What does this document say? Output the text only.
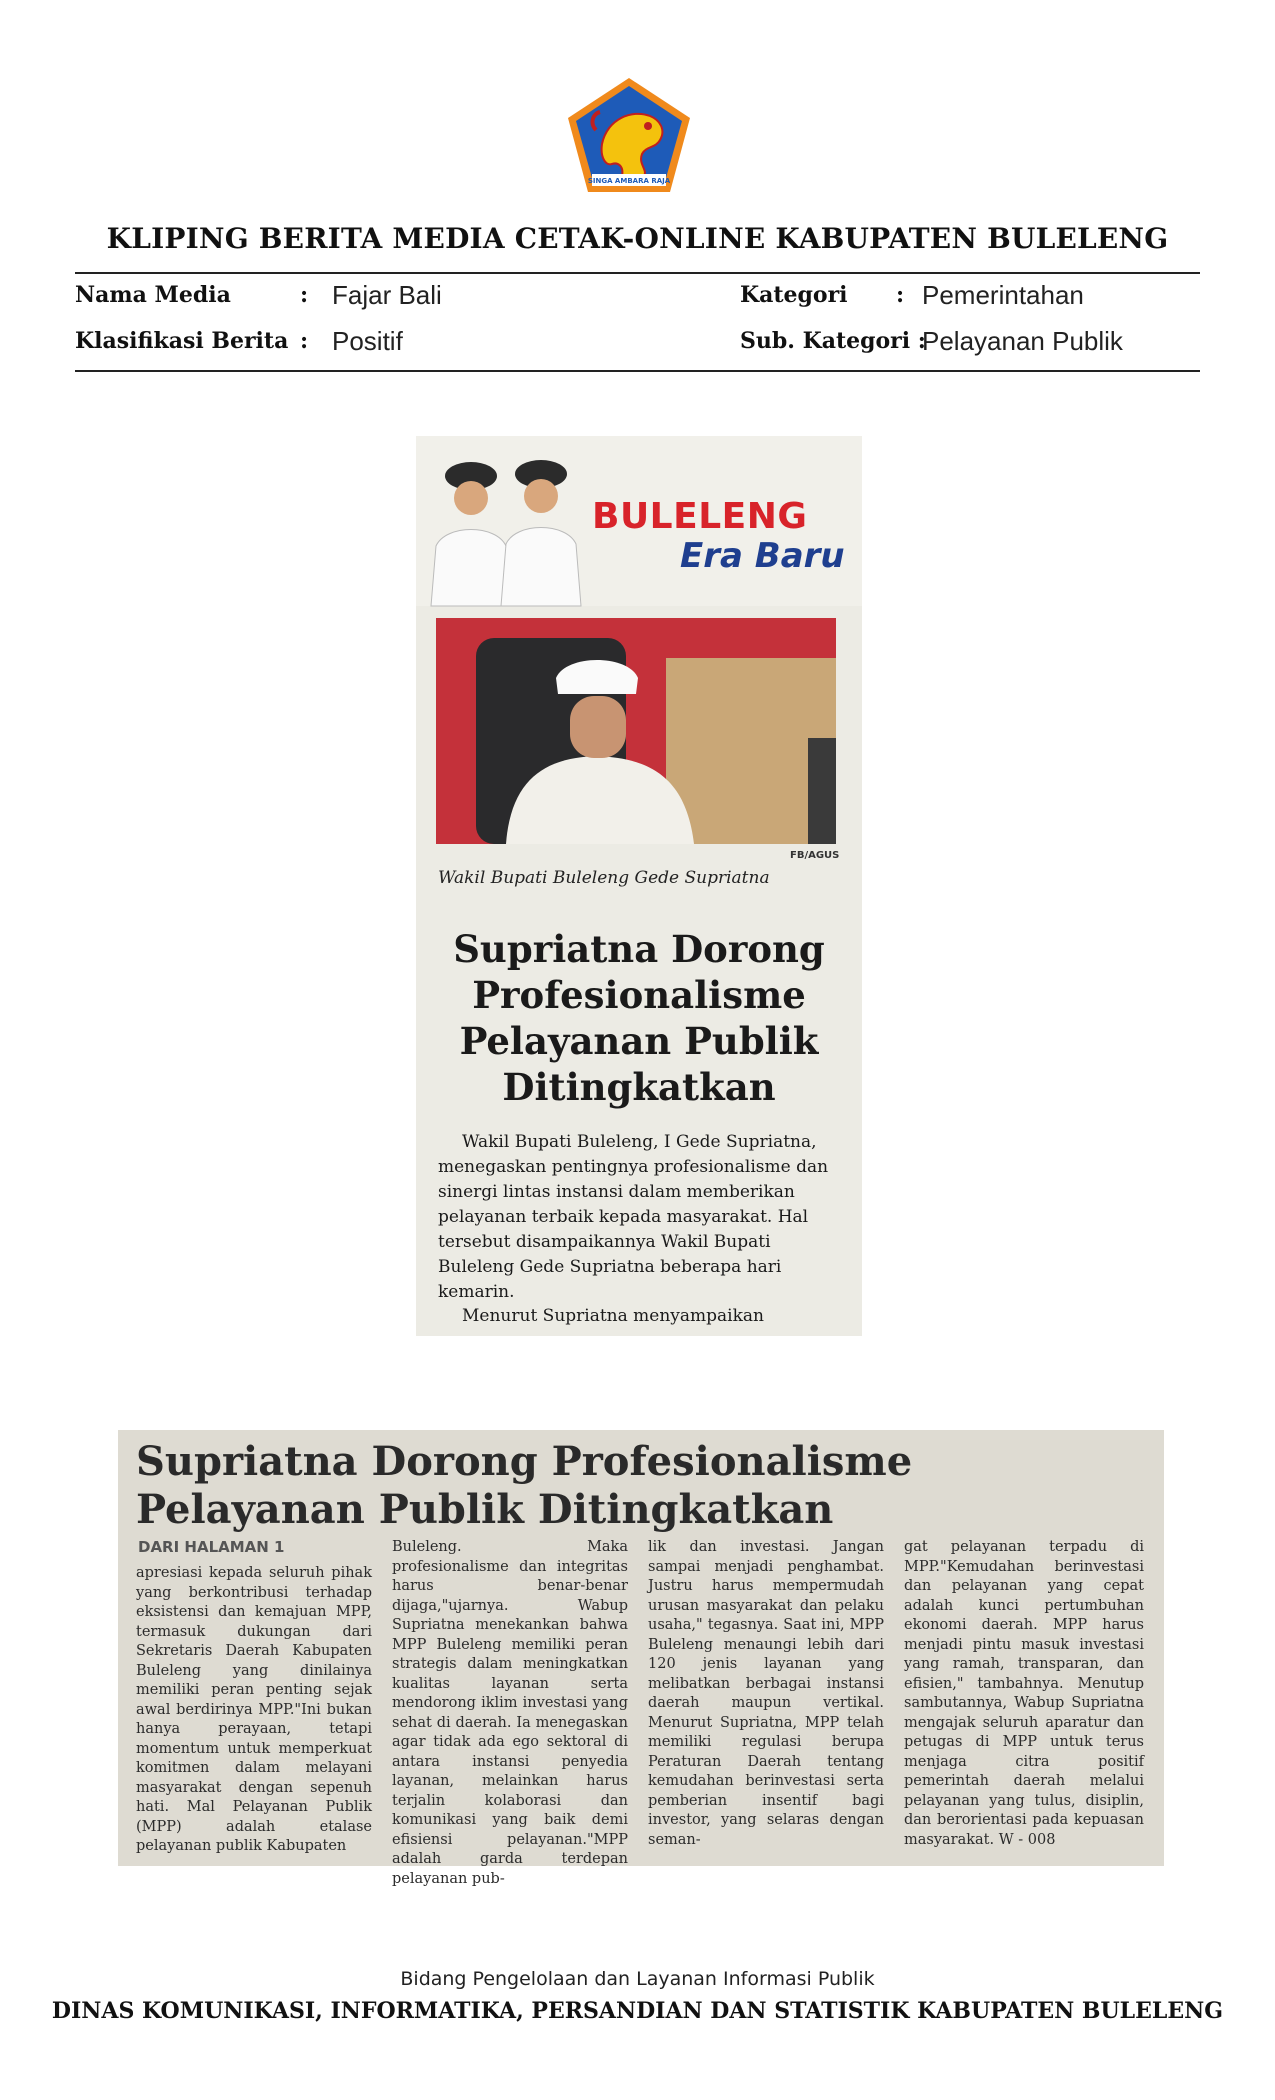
SINGA AMBARA RAJA
KLIPING BERITA MEDIA CETAK-ONLINE KABUPATEN BULELENG
Nama Media	: Fajar Bali	Kategori : Pemerintahan
Klasifikasi Berita : Positif	Sub. Kategori :
Pelayanan Publik
BULELENG
Era Baru
FB/AGUS
Wakil Bupati Buleleng Gede Supriatna
Supriatna Dorong
Profesionalisme
Pelayanan Publik
Ditingkatkan
Wakil Bupati Buleleng, I Gede Supriatna, menegaskan pentingnya profesionalisme dan sinergi lintas instansi dalam memberikan pelayanan terbaik kepada masyarakat. Hal tersebut disampaikannya Wakil Bupati Buleleng Gede Supriatna beberapa hari kemarin.
Menurut Supriatna menyampaikan
Supriatna Dorong Profesionalisme
Pelayanan Publik Ditingkatkan
DARI HALAMAN 1
apresiasi kepada seluruh pihak yang berkontribusi terhadap eksistensi dan kemajuan MPP, termasuk dukungan dari Sekretaris Daerah Kabupaten Buleleng yang dinilainya memiliki peran penting sejak awal berdirinya MPP."Ini bukan hanya perayaan, tetapi momentum untuk memperkuat komitmen dalam melayani masyarakat dengan sepenuh hati. Mal Pelayanan Publik (MPP) adalah etalase pelayanan publik Kabupaten
Buleleng. Maka profesionalisme dan integritas harus benar-benar dijaga,"ujarnya. Wabup Supriatna menekankan bahwa MPP Buleleng memiliki peran strategis dalam meningkatkan kualitas layanan serta mendorong iklim investasi yang sehat di daerah. Ia menegaskan agar tidak ada ego sektoral di antara instansi penyedia layanan, melainkan harus terjalin kolaborasi dan komunikasi yang baik demi efisiensi pelayanan."MPP adalah garda terdepan pelayanan pub-
lik dan investasi. Jangan sampai menjadi penghambat. Justru harus mempermudah urusan masyarakat dan pelaku usaha," tegasnya. Saat ini, MPP Buleleng menaungi lebih dari 120 jenis layanan yang melibatkan berbagai instansi daerah maupun vertikal. Menurut Supriatna, MPP telah memiliki regulasi berupa Peraturan Daerah tentang kemudahan berinvestasi serta pemberian insentif bagi investor, yang selaras dengan seman-
gat pelayanan terpadu di MPP."Kemudahan berinvestasi dan pelayanan yang cepat adalah kunci pertumbuhan ekonomi daerah. MPP harus menjadi pintu masuk investasi yang ramah, transparan, dan efisien," tambahnya. Menutup sambutannya, Wabup Supriatna mengajak seluruh aparatur dan petugas di MPP untuk terus menjaga citra positif pemerintah daerah melalui pelayanan yang tulus, disiplin, dan berorientasi pada kepuasan masyarakat. W - 008
Bidang Pengelolaan dan Layanan Informasi Publik
DINAS KOMUNIKASI, INFORMATIKA, PERSANDIAN DAN STATISTIK KABUPATEN BULELENG
